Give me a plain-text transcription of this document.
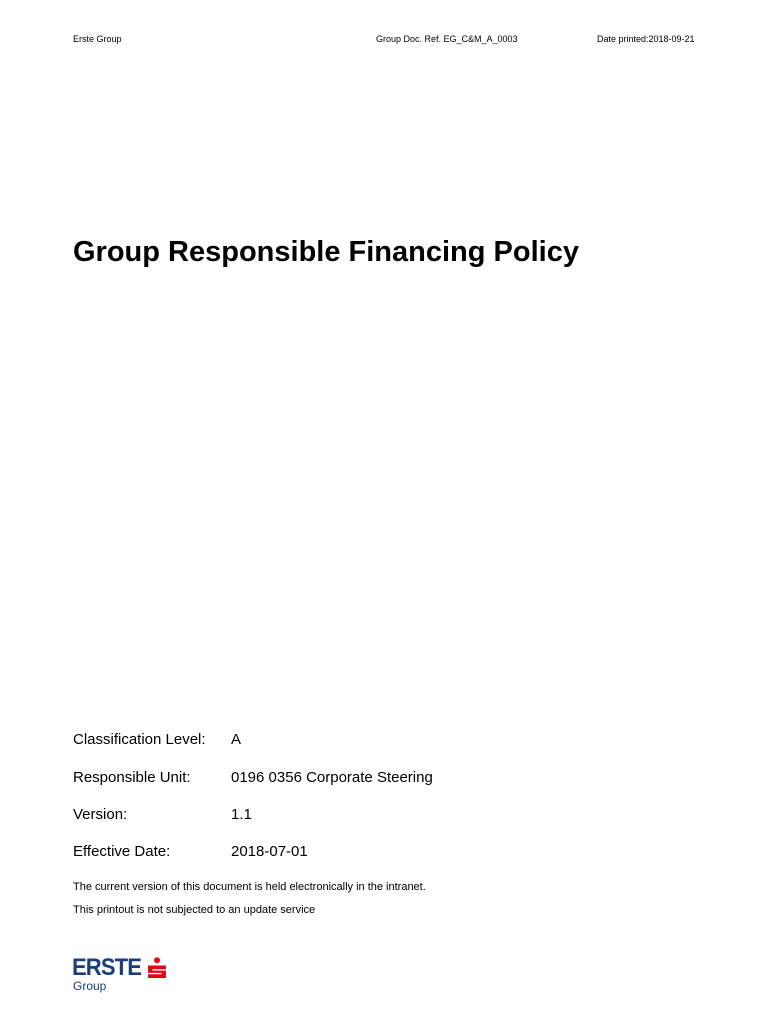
Erste Group	Group Doc. Ref. EG_C&M_A_0003	Date printed:2018-09-21
Group Responsible Financing Policy
Classification Level: A
Responsible Unit:	0196 0356 Corporate Steering
Version:	1.1
Effective Date:	2018-07-01
The current version of this document is held electronically in the intranet.
This printout is not subjected to an update service
ERSTE
Group
